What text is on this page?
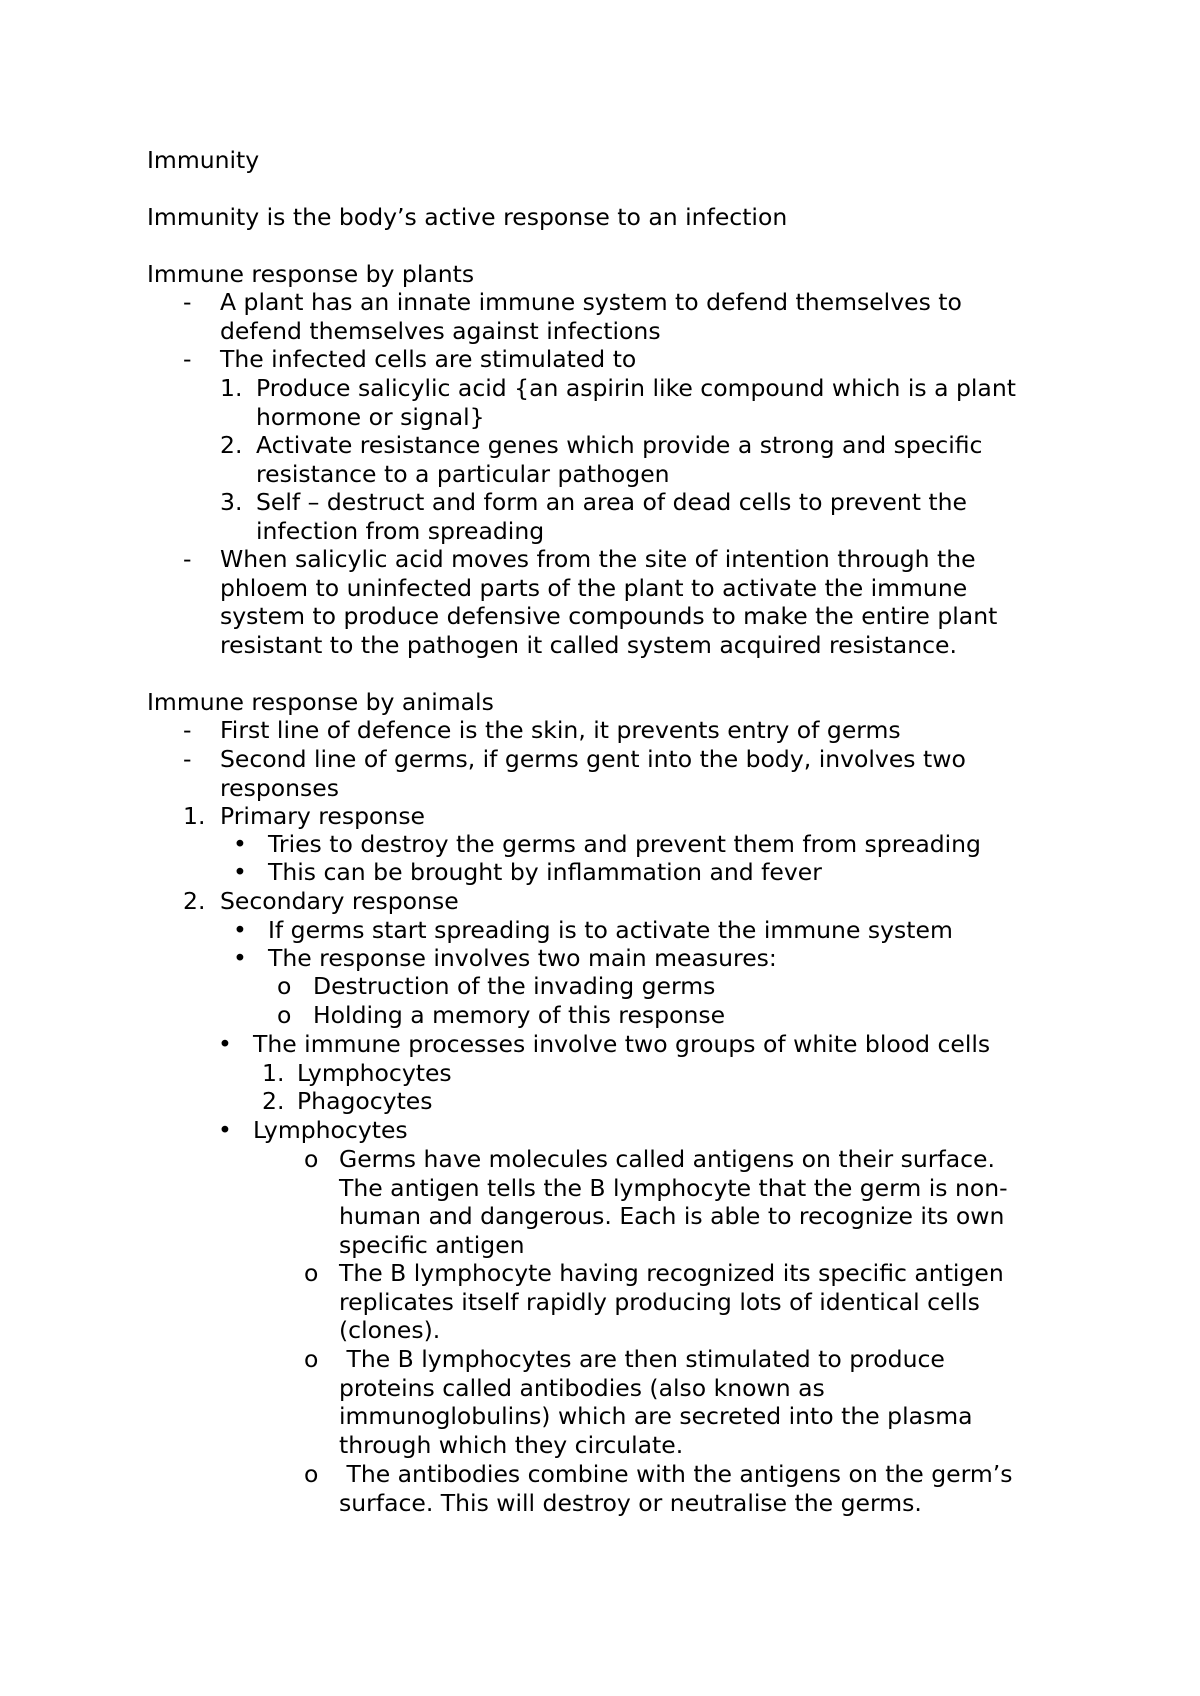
Immunity

Immunity is the body’s active response to an infection

Immune response by plants

- A plant has an innate immune system to defend themselves to
defend themselves against infections
- The infected cells are stimulated to
1. Produce salicylic acid {an aspirin like compound which is a plant
hormone or signal}
2. Activate resistance genes which provide a strong and specific
resistance to a particular pathogen
3. Self – destruct and form an area of dead cells to prevent the
infection from spreading
- When salicylic acid moves from the site of intention through the
phloem to uninfected parts of the plant to activate the immune
system to produce defensive compounds to make the entire plant
resistant to the pathogen it called system acquired resistance.

Immune response by animals

- First line of defence is the skin, it prevents entry of germs
- Second line of germs, if germs gent into the body, involves two
responses
1. Primary response
• Tries to destroy the germs and prevent them from spreading
• This can be brought by inflammation and fever
2. Secondary response
• If germs start spreading is to activate the immune system
• The response involves two main measures:
o Destruction of the invading germs
o Holding a memory of this response
• The immune processes involve two groups of white blood cells
1. Lymphocytes
2. Phagocytes
• Lymphocytes
o Germs have molecules called antigens on their surface.
The antigen tells the B lymphocyte that the germ is non-
human and dangerous. Each is able to recognize its own
specific antigen
o The B lymphocyte having recognized its specific antigen
replicates itself rapidly producing lots of identical cells
(clones).
o	The B lymphocytes are then stimulated to produce
proteins called antibodies (also known as
immunoglobulins) which are secreted into the plasma
through which they circulate.
o	The antibodies combine with the antigens on the germ’s
surface. This will destroy or neutralise the germs.
